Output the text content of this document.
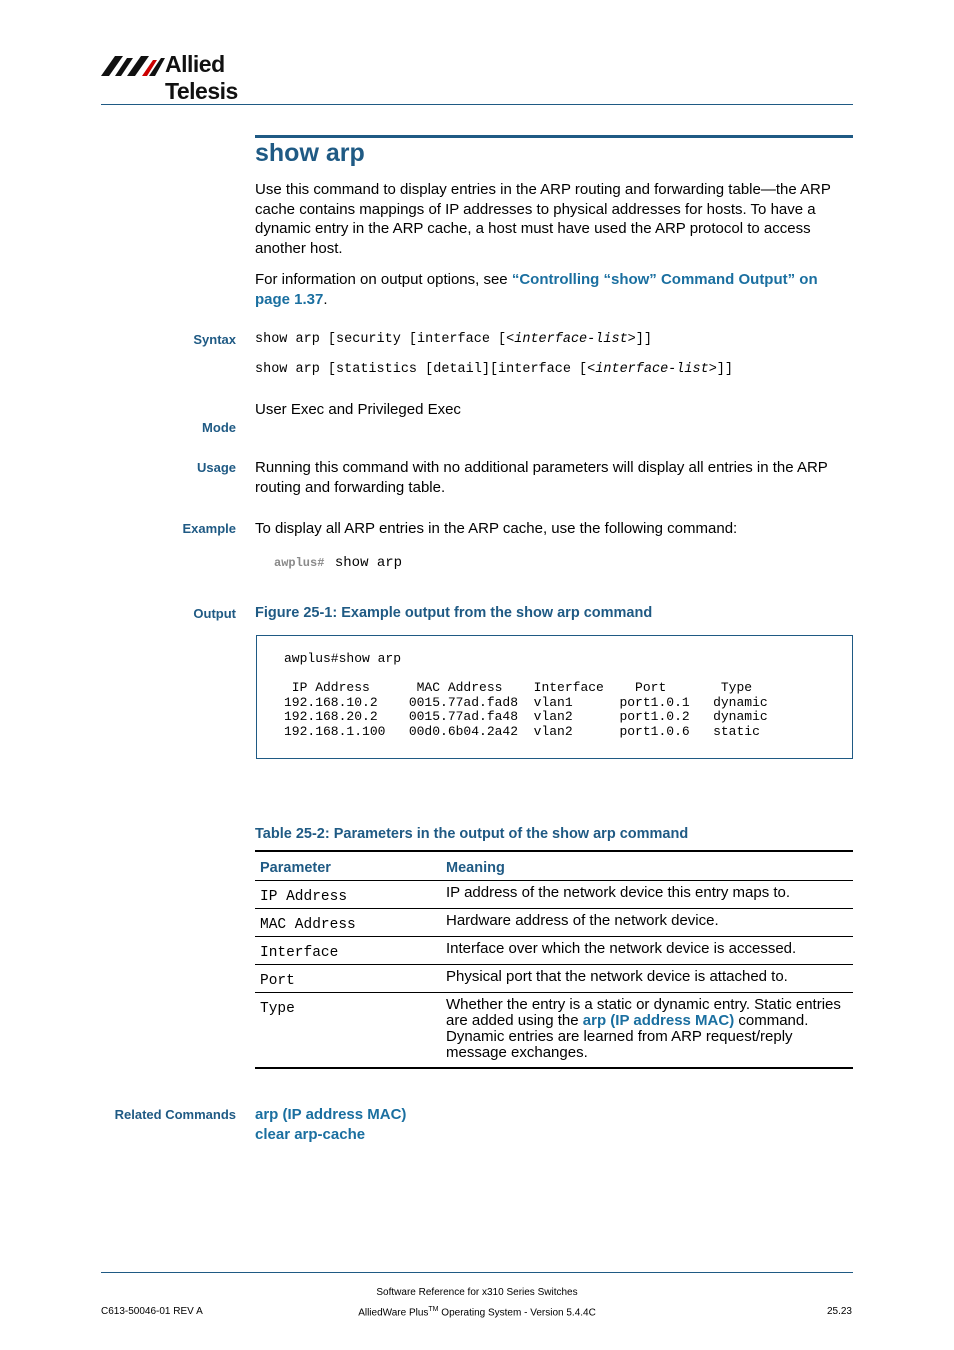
Allied Telesis
show arp
Use this command to display entries in the ARP routing and forwarding table—the ARP cache contains mappings of IP addresses to physical addresses for hosts. To have a dynamic entry in the ARP cache, a host must have used the ARP protocol to access another host.
For information on output options, see “Controlling “show” Command Output” on page 1.37.
Syntax show arp [security [interface [<interface-list>]]
show arp [statistics [detail][interface [<interface-list>]]
User Exec and Privileged Exec
Mode
Usage Running this command with no additional parameters will display all entries in the ARP routing and forwarding table.
Example To display all ARP entries in the ARP cache, use the following command:
awplus# show arp
Output Figure 25-1: Example output from the show arp command
awplus#show arp

IP Address      MAC Address    Interface    Port       Type
192.168.10.2    0015.77ad.fad8  vlan1      port1.0.1   dynamic
192.168.20.2    0015.77ad.fa48  vlan2      port1.0.2   dynamic
192.168.1.100   00d0.6b04.2a42  vlan2      port1.0.6   static
Table 25-2: Parameters in the output of the show arp command
Parameter	Meaning
IP Address	IP address of the network device this entry maps to.
MAC Address	Hardware address of the network device.
Interface	Interface over which the network device is accessed.
Port	Physical port that the network device is attached to.
Type	Whether the entry is a static or dynamic entry. Static entries are added using the arp (IP address MAC) command. Dynamic entries are learned from ARP request/reply message exchanges.
Related Commands arp (IP address MAC)
clear arp-cache
Software Reference for x310 Series Switches
C613-50046-01 REV A	AlliedWare Plus™ Operating System - Version 5.4.4C	25.23
